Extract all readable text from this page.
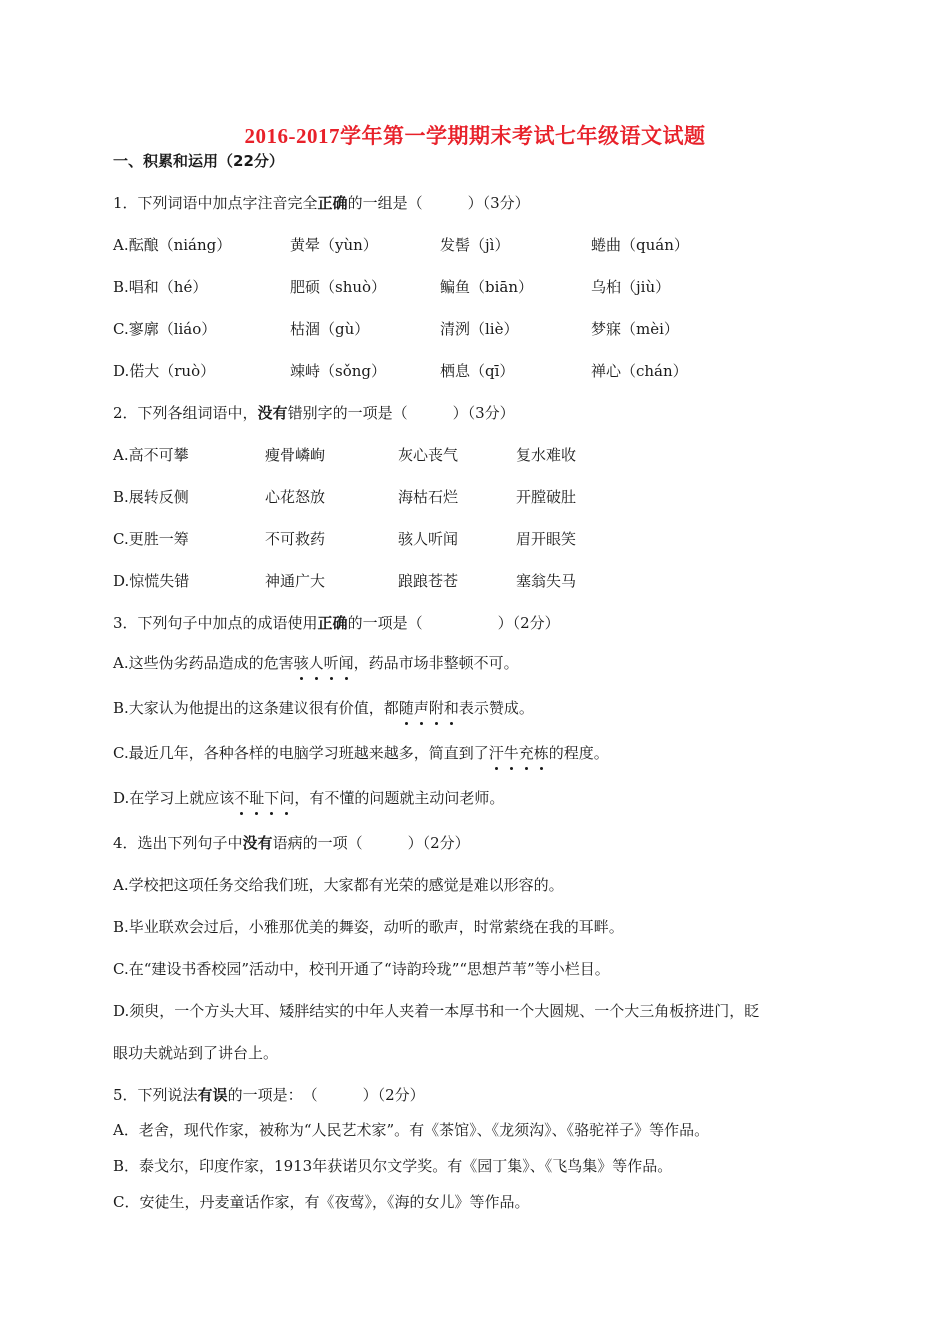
2016-2017学年第一学期期末考试七年级语文试题
一、积累和运用（22分）
1．下列词语中加点字注音完全正确的一组是（　　　）（3分）
A.酝酿（niáng）	黄晕（yùn）	发髻（jì）	蜷曲（quán）
B.唱和（hé）	肥硕（shuò）	鳊鱼（biān）	乌桕（jiù）
C.寥廓（liáo）	枯涸（gù）	清洌（liè）	梦寐（mèi）
D.偌大（ruò）	竦峙（sǒng）	栖息（qī）	禅心（chán）
2．下列各组词语中，没有错别字的一项是（　　　）（3分）
A.高不可攀	瘦骨嶙峋	灰心丧气	复水难收
B.展转反侧	心花怒放	海枯石烂	开膛破肚
C.更胜一筹	不可救药	骇人听闻	眉开眼笑
D.惊慌失错	神通广大	踉踉苍苍	塞翁失马
3．下列句子中加点的成语使用正确的一项是（　　　　　）（2分）
A.这些伪劣药品造成的危害骇人听闻，药品市场非整顿不可。
B.大家认为他提出的这条建议很有价值，都随声附和表示赞成。
C.最近几年，各种各样的电脑学习班越来越多，简直到了汗牛充栋的程度。
D.在学习上就应该不耻下问，有不懂的问题就主动问老师。
4．选出下列句子中没有语病的一项（　　　）（2分）
A.学校把这项任务交给我们班，大家都有光荣的感觉是难以形容的。
B.毕业联欢会过后，小雅那优美的舞姿，动听的歌声，时常萦绕在我的耳畔。
C.在“建设书香校园”活动中，校刊开通了“诗韵玲珑”“思想芦苇”等小栏目。
D.须臾，一个方头大耳、矮胖结实的中年人夹着一本厚书和一个大圆规、一个大三角板挤进门，眨
眼功夫就站到了讲台上。
5．下列说法有误的一项是：　（　　　）（2分）
A．老舍，现代作家，被称为“人民艺术家”。有《茶馆》、《龙须沟》、《骆驼祥子》等作品。
B．泰戈尔，印度作家，1913年获诺贝尔文学奖。有《园丁集》、《飞鸟集》等作品。
C．安徒生，丹麦童话作家，有《夜莺》，《海的女儿》等作品。
